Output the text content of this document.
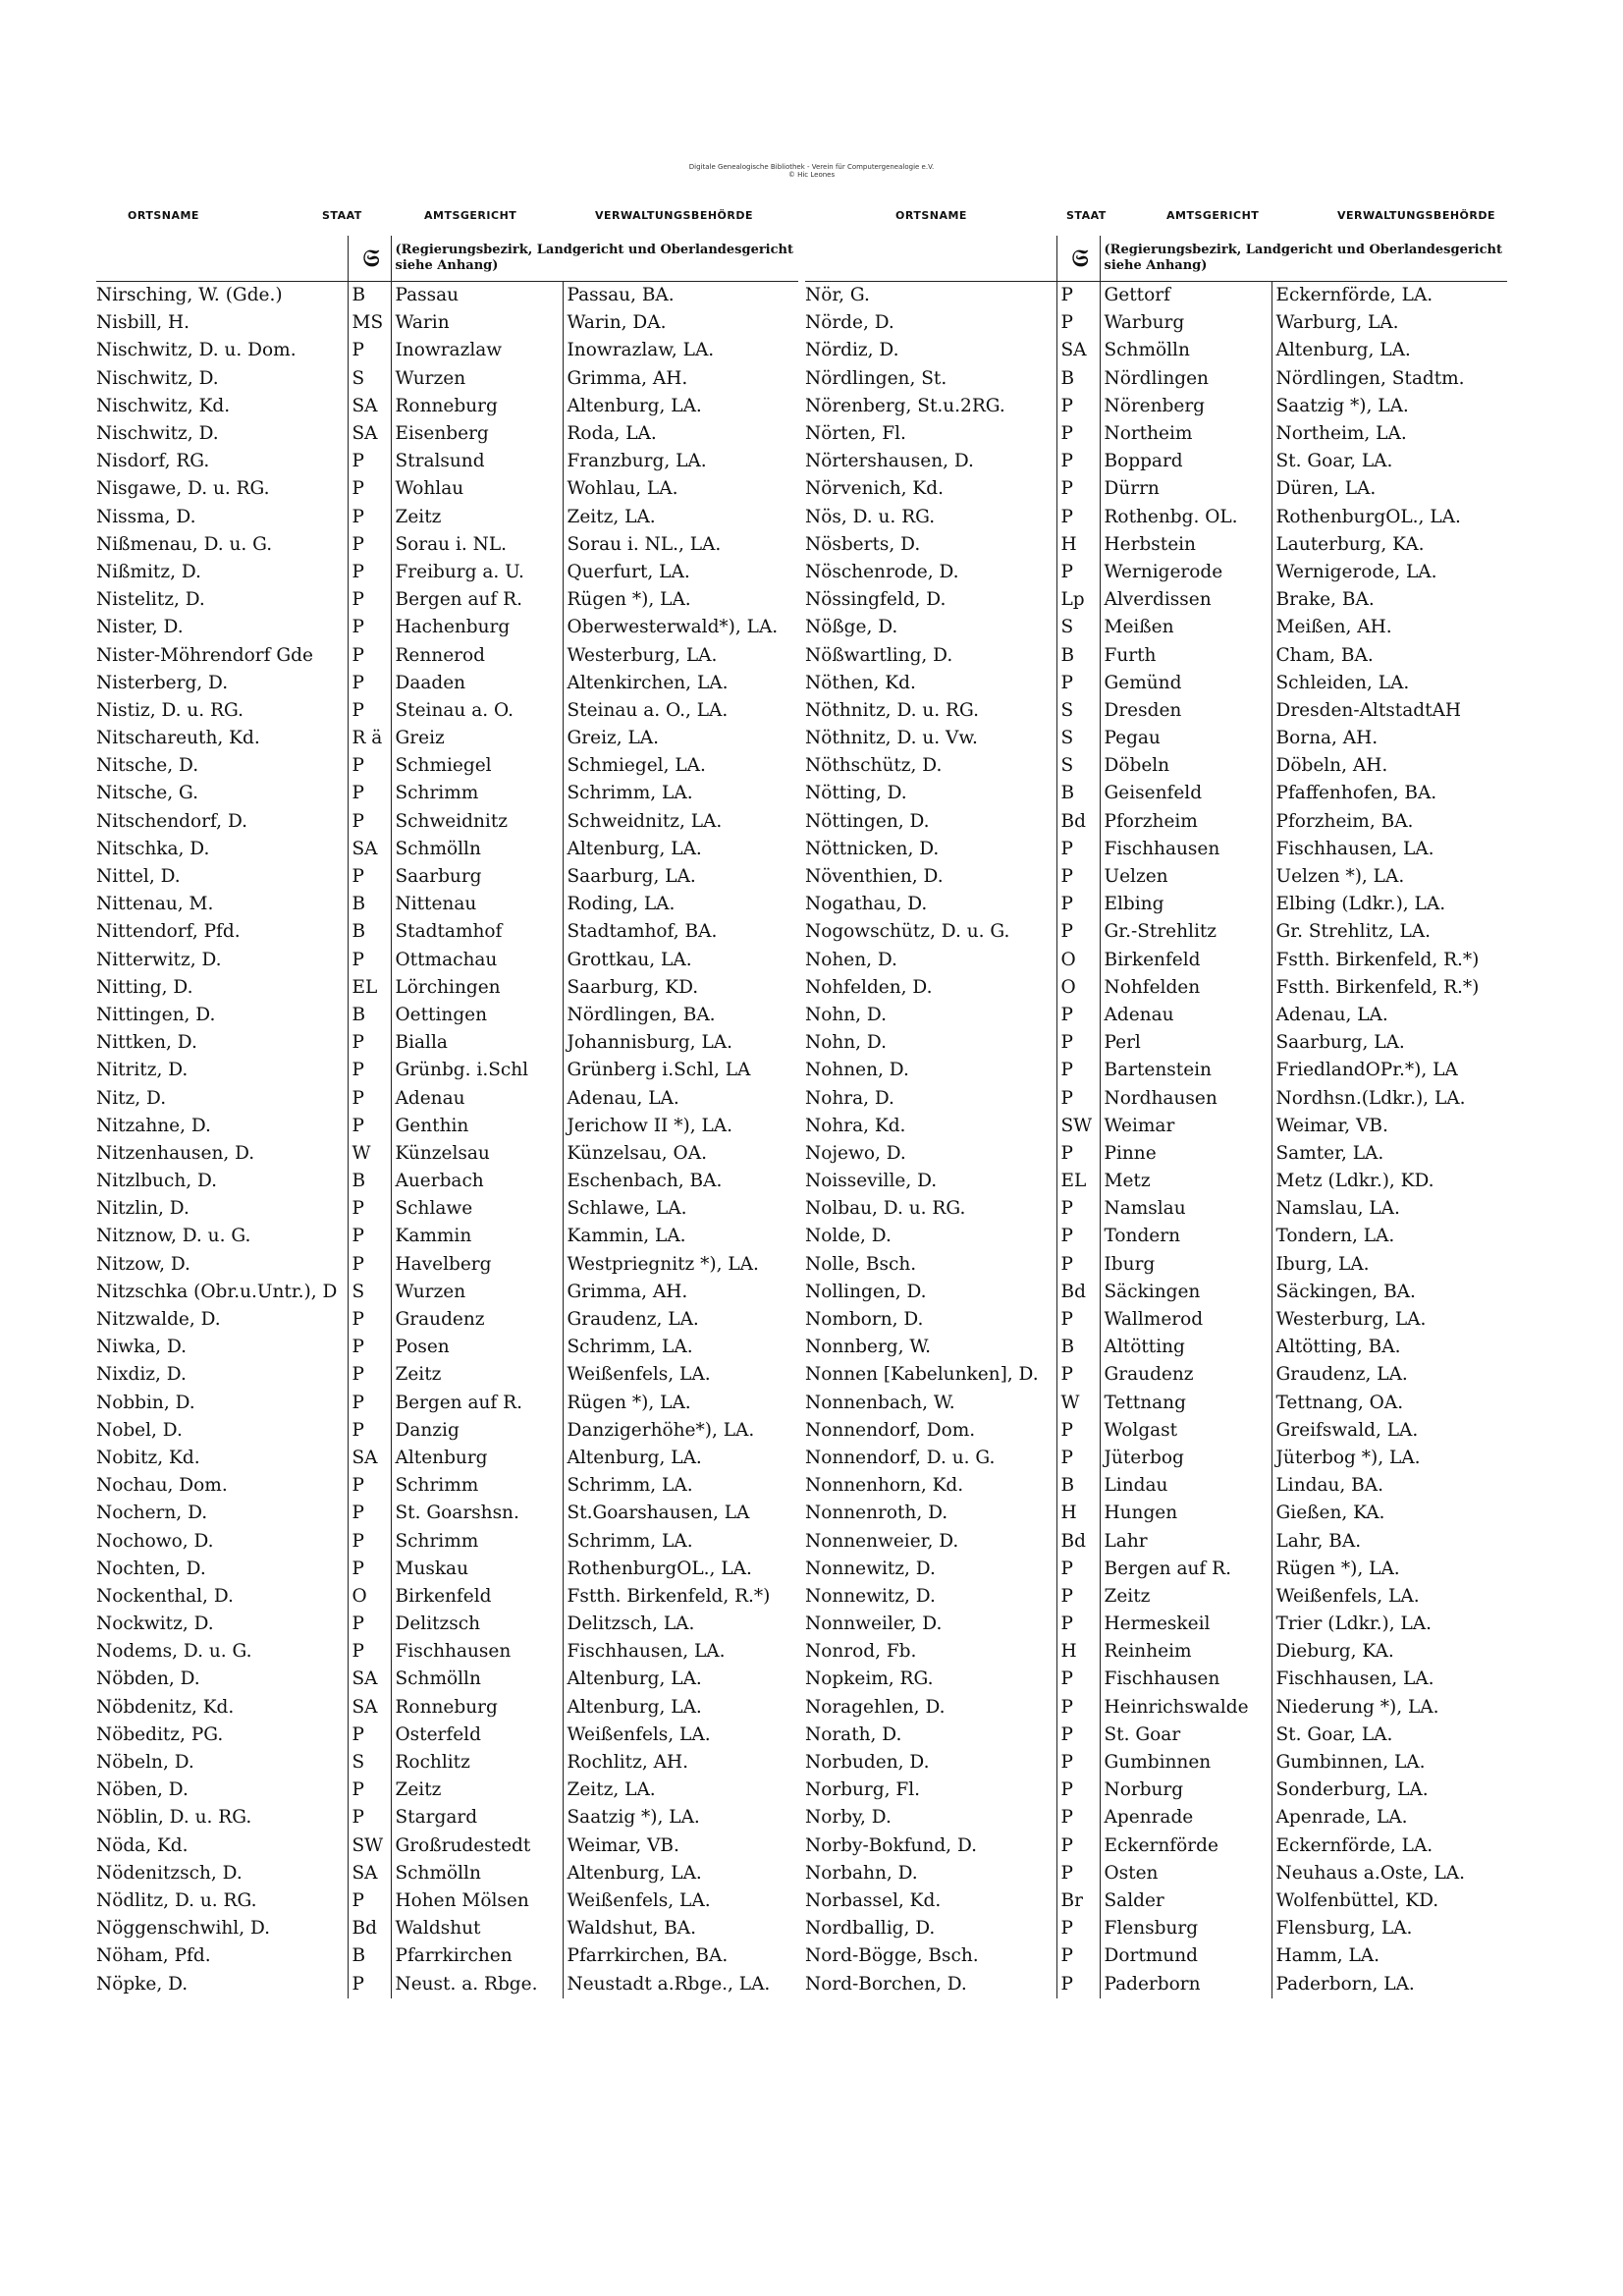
Digitale Genealogische Bibliothek - Verein für Computergenealogie e.V.
© Hic Leones
ORTSNAME	STAAT	AMTSGERICHT	VERWALTUNGSBEHÖRDE	ORTSNAME	STAAT	AMTSGERICHT	VERWALTUNGSBEHÖRDE
	𝔖	(Regierungsbezirk, Landgericht und Oberlandesgericht siehe Anhang)	
Nirsching, W. (Gde.)	B	Passau	Passau, BA.
Nisbill, H.	MS	Warin	Warin, DA.
Nischwitz, D. u. Dom.	P	Inowrazlaw	Inowrazlaw, LA.
Nischwitz, D.	S	Wurzen	Grimma, AH.
Nischwitz, Kd.	SA	Ronneburg	Altenburg, LA.
Nischwitz, D.	SA	Eisenberg	Roda, LA.
Nisdorf, RG.	P	Stralsund	Franzburg, LA.
Nisgawe, D. u. RG.	P	Wohlau	Wohlau, LA.
Nissma, D.	P	Zeitz	Zeitz, LA.
Nißmenau, D. u. G.	P	Sorau i. NL.	Sorau i. NL., LA.
Nißmitz, D.	P	Freiburg a. U.	Querfurt, LA.
Nistelitz, D.	P	Bergen auf R.	Rügen *), LA.
Nister, D.	P	Hachenburg	Oberwesterwald*), LA.
Nister-Möhrendorf Gde	P	Rennerod	Westerburg, LA.
Nisterberg, D.	P	Daaden	Altenkirchen, LA.
Nistiz, D. u. RG.	P	Steinau a. O.	Steinau a. O., LA.
Nitschareuth, Kd.	R ä	Greiz	Greiz, LA.
Nitsche, D.	P	Schmiegel	Schmiegel, LA.
Nitsche, G.	P	Schrimm	Schrimm, LA.
Nitschendorf, D.	P	Schweidnitz	Schweidnitz, LA.
Nitschka, D.	SA	Schmölln	Altenburg, LA.
Nittel, D.	P	Saarburg	Saarburg, LA.
Nittenau, M.	B	Nittenau	Roding, LA.
Nittendorf, Pfd.	B	Stadtamhof	Stadtamhof, BA.
Nitterwitz, D.	P	Ottmachau	Grottkau, LA.
Nitting, D.	EL	Lörchingen	Saarburg, KD.
Nittingen, D.	B	Oettingen	Nördlingen, BA.
Nittken, D.	P	Bialla	Johannisburg, LA.
Nitritz, D.	P	Grünbg. i.Schl	Grünberg i.Schl, LA
Nitz, D.	P	Adenau	Adenau, LA.
Nitzahne, D.	P	Genthin	Jerichow II *), LA.
Nitzenhausen, D.	W	Künzelsau	Künzelsau, OA.
Nitzlbuch, D.	B	Auerbach	Eschenbach, BA.
Nitzlin, D.	P	Schlawe	Schlawe, LA.
Nitznow, D. u. G.	P	Kammin	Kammin, LA.
Nitzow, D.	P	Havelberg	Westpriegnitz *), LA.
Nitzschka (Obr.u.Untr.), D	S	Wurzen	Grimma, AH.
Nitzwalde, D.	P	Graudenz	Graudenz, LA.
Niwka, D.	P	Posen	Schrimm, LA.
Nixdiz, D.	P	Zeitz	Weißenfels, LA.
Nobbin, D.	P	Bergen auf R.	Rügen *), LA.
Nobel, D.	P	Danzig	Danzigerhöhe*), LA.
Nobitz, Kd.	SA	Altenburg	Altenburg, LA.
Nochau, Dom.	P	Schrimm	Schrimm, LA.
Nochern, D.	P	St. Goarshsn.	St.Goarshausen, LA
Nochowo, D.	P	Schrimm	Schrimm, LA.
Nochten, D.	P	Muskau	RothenburgOL., LA.
Nockenthal, D.	O	Birkenfeld	Fstth. Birkenfeld, R.*)
Nockwitz, D.	P	Delitzsch	Delitzsch, LA.
Nodems, D. u. G.	P	Fischhausen	Fischhausen, LA.
Nöbden, D.	SA	Schmölln	Altenburg, LA.
Nöbdenitz, Kd.	SA	Ronneburg	Altenburg, LA.
Nöbeditz, PG.	P	Osterfeld	Weißenfels, LA.
Nöbeln, D.	S	Rochlitz	Rochlitz, AH.
Nöben, D.	P	Zeitz	Zeitz, LA.
Nöblin, D. u. RG.	P	Stargard	Saatzig *), LA.
Nöda, Kd.	SW	Großrudestedt	Weimar, VB.
Nödenitzsch, D.	SA	Schmölln	Altenburg, LA.
Nödlitz, D. u. RG.	P	Hohen Mölsen	Weißenfels, LA.
Nöggenschwihl, D.	Bd	Waldshut	Waldshut, BA.
Nöham, Pfd.	B	Pfarrkirchen	Pfarrkirchen, BA.
Nöpke, D.	P	Neust. a. Rbge.	Neustadt a.Rbge., LA.
	𝔖	(Regierungsbezirk, Landgericht und Oberlandesgericht siehe Anhang)	
Nör, G.	P	Gettorf	Eckernförde, LA.
Nörde, D.	P	Warburg	Warburg, LA.
Nördiz, D.	SA	Schmölln	Altenburg, LA.
Nördlingen, St.	B	Nördlingen	Nördlingen, Stadtm.
Nörenberg, St.u.2RG.	P	Nörenberg	Saatzig *), LA.
Nörten, Fl.	P	Northeim	Northeim, LA.
Nörtershausen, D.	P	Boppard	St. Goar, LA.
Nörvenich, Kd.	P	Dürrn	Düren, LA.
Nös, D. u. RG.	P	Rothenbg. OL.	RothenburgOL., LA.
Nösberts, D.	H	Herbstein	Lauterburg, KA.
Nöschenrode, D.	P	Wernigerode	Wernigerode, LA.
Nössingfeld, D.	Lp	Alverdissen	Brake, BA.
Nößge, D.	S	Meißen	Meißen, AH.
Nößwartling, D.	B	Furth	Cham, BA.
Nöthen, Kd.	P	Gemünd	Schleiden, LA.
Nöthnitz, D. u. RG.	S	Dresden	Dresden-AltstadtAH
Nöthnitz, D. u. Vw.	S	Pegau	Borna, AH.
Nöthschütz, D.	S	Döbeln	Döbeln, AH.
Nötting, D.	B	Geisenfeld	Pfaffenhofen, BA.
Nöttingen, D.	Bd	Pforzheim	Pforzheim, BA.
Nöttnicken, D.	P	Fischhausen	Fischhausen, LA.
Növenthien, D.	P	Uelzen	Uelzen *), LA.
Nogathau, D.	P	Elbing	Elbing (Ldkr.), LA.
Nogowschütz, D. u. G.	P	Gr.-Strehlitz	Gr. Strehlitz, LA.
Nohen, D.	O	Birkenfeld	Fstth. Birkenfeld, R.*)
Nohfelden, D.	O	Nohfelden	Fstth. Birkenfeld, R.*)
Nohn, D.	P	Adenau	Adenau, LA.
Nohn, D.	P	Perl	Saarburg, LA.
Nohnen, D.	P	Bartenstein	FriedlandOPr.*), LA
Nohra, D.	P	Nordhausen	Nordhsn.(Ldkr.), LA.
Nohra, Kd.	SW	Weimar	Weimar, VB.
Nojewo, D.	P	Pinne	Samter, LA.
Noisseville, D.	EL	Metz	Metz (Ldkr.), KD.
Nolbau, D. u. RG.	P	Namslau	Namslau, LA.
Nolde, D.	P	Tondern	Tondern, LA.
Nolle, Bsch.	P	Iburg	Iburg, LA.
Nollingen, D.	Bd	Säckingen	Säckingen, BA.
Nomborn, D.	P	Wallmerod	Westerburg, LA.
Nonnberg, W.	B	Altötting	Altötting, BA.
Nonnen [Kabelunken], D.	P	Graudenz	Graudenz, LA.
Nonnenbach, W.	W	Tettnang	Tettnang, OA.
Nonnendorf, Dom.	P	Wolgast	Greifswald, LA.
Nonnendorf, D. u. G.	P	Jüterbog	Jüterbog *), LA.
Nonnenhorn, Kd.	B	Lindau	Lindau, BA.
Nonnenroth, D.	H	Hungen	Gießen, KA.
Nonnenweier, D.	Bd	Lahr	Lahr, BA.
Nonnewitz, D.	P	Bergen auf R.	Rügen *), LA.
Nonnewitz, D.	P	Zeitz	Weißenfels, LA.
Nonnweiler, D.	P	Hermeskeil	Trier (Ldkr.), LA.
Nonrod, Fb.	H	Reinheim	Dieburg, KA.
Nopkeim, RG.	P	Fischhausen	Fischhausen, LA.
Noragehlen, D.	P	Heinrichswalde	Niederung *), LA.
Norath, D.	P	St. Goar	St. Goar, LA.
Norbuden, D.	P	Gumbinnen	Gumbinnen, LA.
Norburg, Fl.	P	Norburg	Sonderburg, LA.
Norby, D.	P	Apenrade	Apenrade, LA.
Norby-Bokfund, D.	P	Eckernförde	Eckernförde, LA.
Norbahn, D.	P	Osten	Neuhaus a.Oste, LA.
Norbassel, Kd.	Br	Salder	Wolfenbüttel, KD.
Nordballig, D.	P	Flensburg	Flensburg, LA.
Nord-Bögge, Bsch.	P	Dortmund	Hamm, LA.
Nord-Borchen, D.	P	Paderborn	Paderborn, LA.
